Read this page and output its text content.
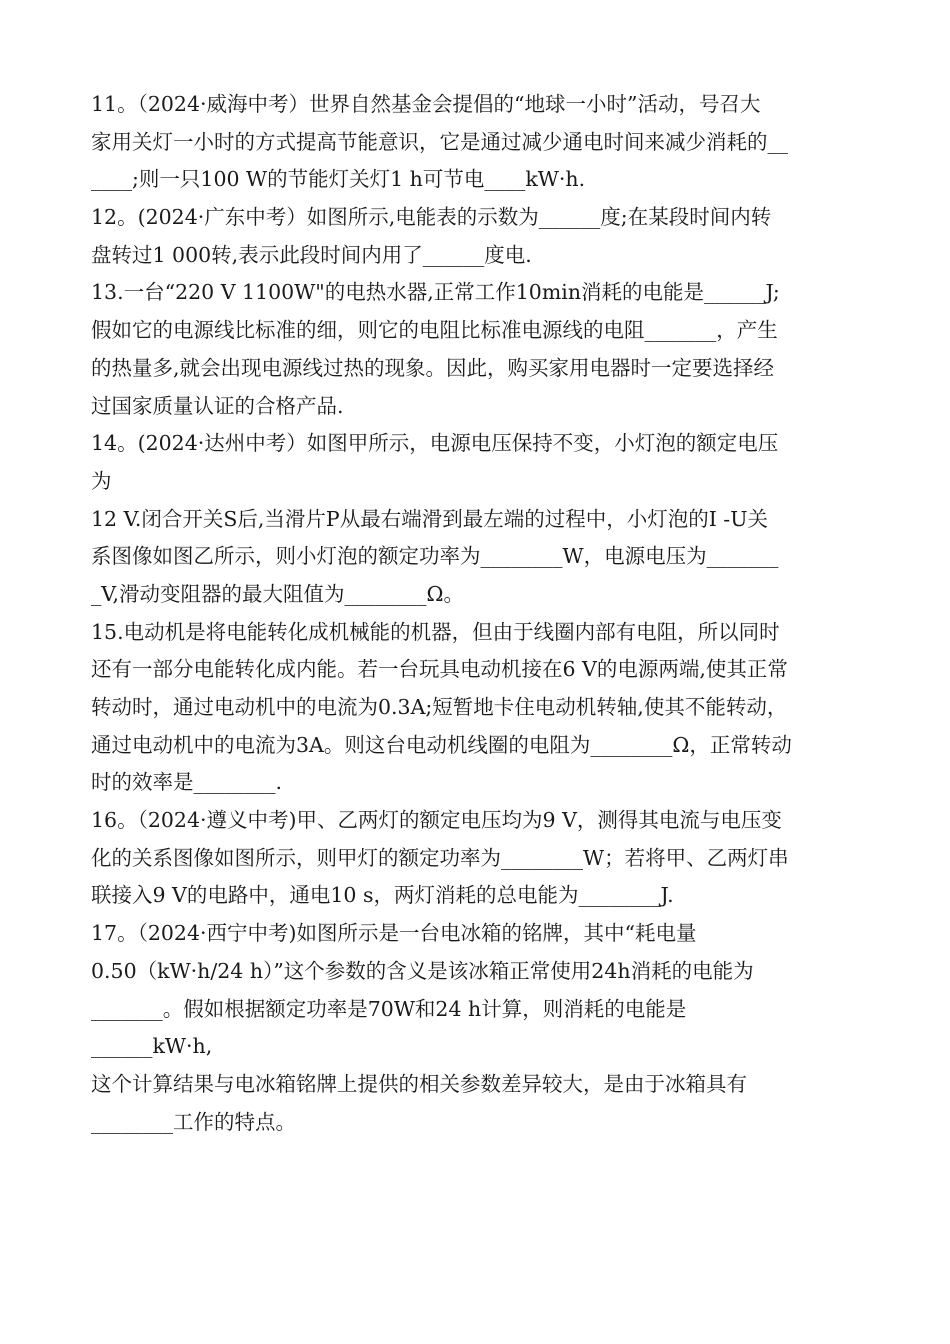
11。（2024·威海中考）世界自然基金会提倡的“地球一小时”活动，号召大
家用关灯一小时的方式提高节能意识，它是通过减少通电时间来减少消耗的__
____;则一只100 W的节能灯关灯1 h可节电____kW·h.
12。(2024·广东中考）如图所示,电能表的示数为______度;在某段时间内转
盘转过1 000转,表示此段时间内用了______度电.
13.一台“220 V 1100W"的电热水器,正常工作10min消耗的电能是______J;
假如它的电源线比标准的细，则它的电阻比标准电源线的电阻_______，产生
的热量多,就会出现电源线过热的现象。因此，购买家用电器时一定要选择经
过国家质量认证的合格产品.
14。(2024·达州中考）如图甲所示，电源电压保持不变，小灯泡的额定电压
为
12 V.闭合开关S后,当滑片P从最右端滑到最左端的过程中，小灯泡的I -U关
系图像如图乙所示，则小灯泡的额定功率为________W，电源电压为_______
_V,滑动变阻器的最大阻值为________Ω。
15.电动机是将电能转化成机械能的机器，但由于线圈内部有电阻，所以同时
还有一部分电能转化成内能。若一台玩具电动机接在6 V的电源两端,使其正常
转动时，通过电动机中的电流为0.3A;短暂地卡住电动机转轴,使其不能转动，
通过电动机中的电流为3A。则这台电动机线圈的电阻为________Ω，正常转动
时的效率是________.
16。（2024·遵义中考)甲、乙两灯的额定电压均为9 V，测得其电流与电压变
化的关系图像如图所示，则甲灯的额定功率为________W；若将甲、乙两灯串
联接入9 V的电路中，通电10 s，两灯消耗的总电能为________J.
17。（2024·西宁中考)如图所示是一台电冰箱的铭牌，其中“耗电量
0.50（kW·h/24 h）”这个参数的含义是该冰箱正常使用24h消耗的电能为
_______。假如根据额定功率是70W和24 h计算，则消耗的电能是
______kW·h,
这个计算结果与电冰箱铭牌上提供的相关参数差异较大，是由于冰箱具有
________工作的特点。
